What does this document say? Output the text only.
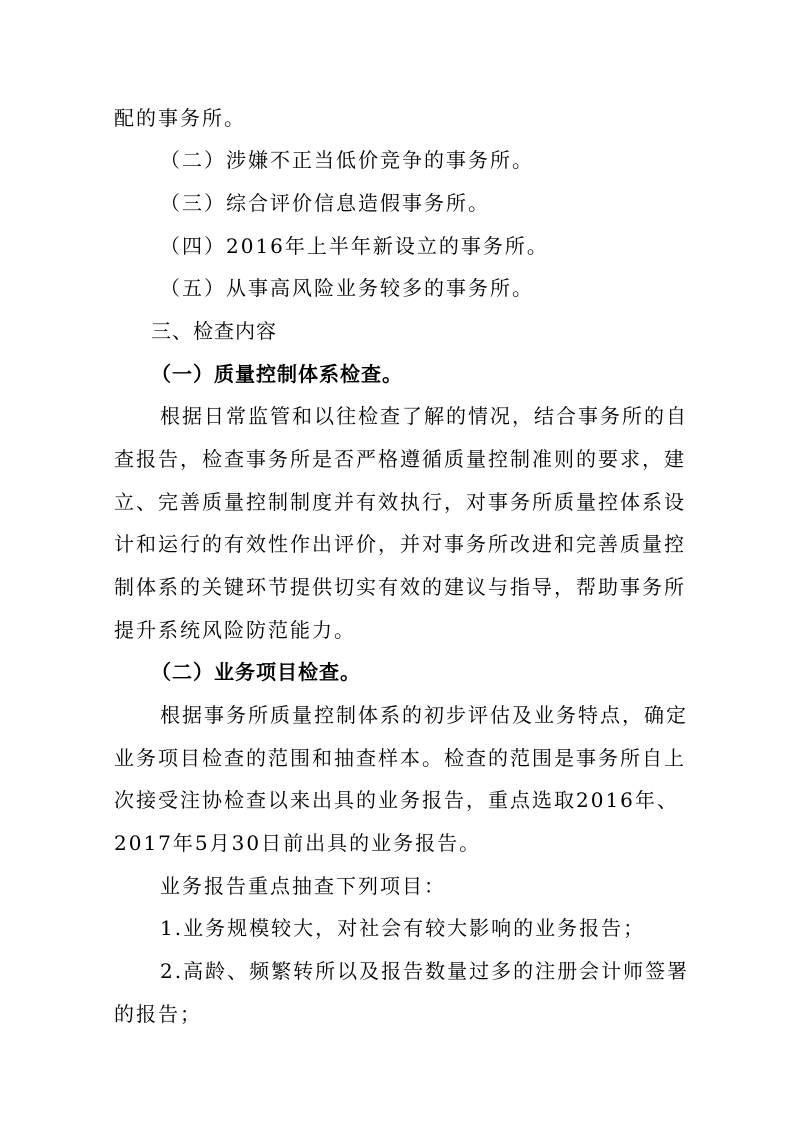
配的事务所。
（二）涉嫌不正当低价竞争的事务所。
（三）综合评价信息造假事务所。
（四）2016年上半年新设立的事务所。
（五）从事高风险业务较多的事务所。
三、检查内容
（一）质量控制体系检查。
根据日常监管和以往检查了解的情况，结合事务所的自
查报告，检查事务所是否严格遵循质量控制准则的要求，建
立、完善质量控制制度并有效执行，对事务所质量控体系设
计和运行的有效性作出评价，并对事务所改进和完善质量控
制体系的关键环节提供切实有效的建议与指导，帮助事务所
提升系统风险防范能力。
（二）业务项目检查。
根据事务所质量控制体系的初步评估及业务特点，确定
业务项目检查的范围和抽查样本。检查的范围是事务所自上
次接受注协检查以来出具的业务报告，重点选取2016年、
2017年5月30日前出具的业务报告。
业务报告重点抽查下列项目：
1.业务规模较大，对社会有较大影响的业务报告；
2.高龄、频繁转所以及报告数量过多的注册会计师签署
的报告；
